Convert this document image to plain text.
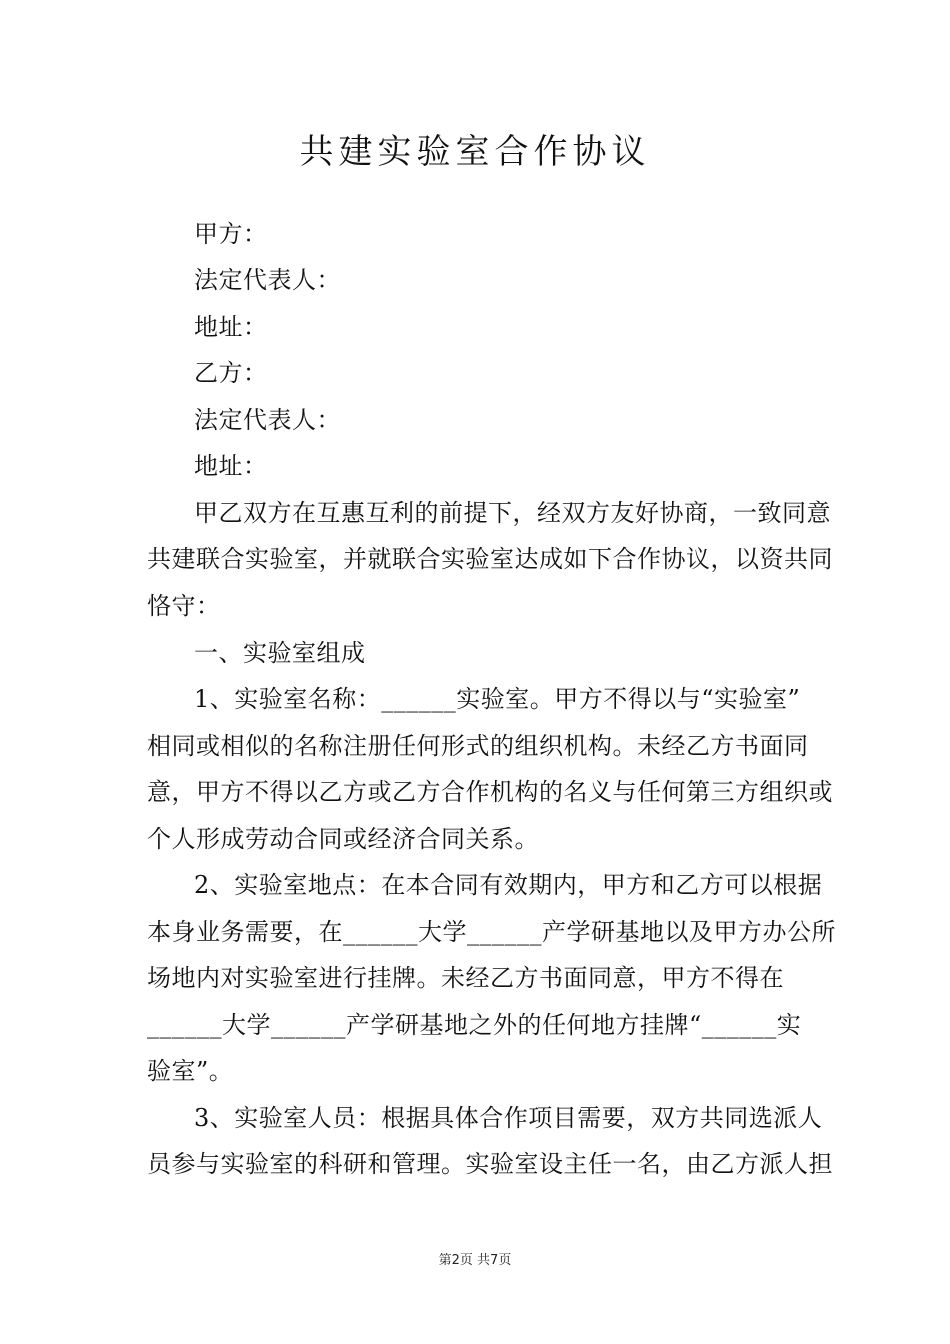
共建实验室合作协议
甲方：
法定代表人：
地址：
乙方：
法定代表人：
地址：
甲乙双方在互惠互利的前提下，经双方友好协商，一致同意
共建联合实验室，并就联合实验室达成如下合作协议，以资共同
恪守：
一、实验室组成
1、实验室名称：______实验室。甲方不得以与“实验室”
相同或相似的名称注册任何形式的组织机构。未经乙方书面同
意，甲方不得以乙方或乙方合作机构的名义与任何第三方组织或
个人形成劳动合同或经济合同关系。
2、实验室地点：在本合同有效期内，甲方和乙方可以根据
本身业务需要，在______大学______产学研基地以及甲方办公所
场地内对实验室进行挂牌。未经乙方书面同意，甲方不得在
______大学______产学研基地之外的任何地方挂牌“______实
验室”。
3、实验室人员：根据具体合作项目需要，双方共同选派人
员参与实验室的科研和管理。实验室设主任一名，由乙方派人担
第2页 共7页
